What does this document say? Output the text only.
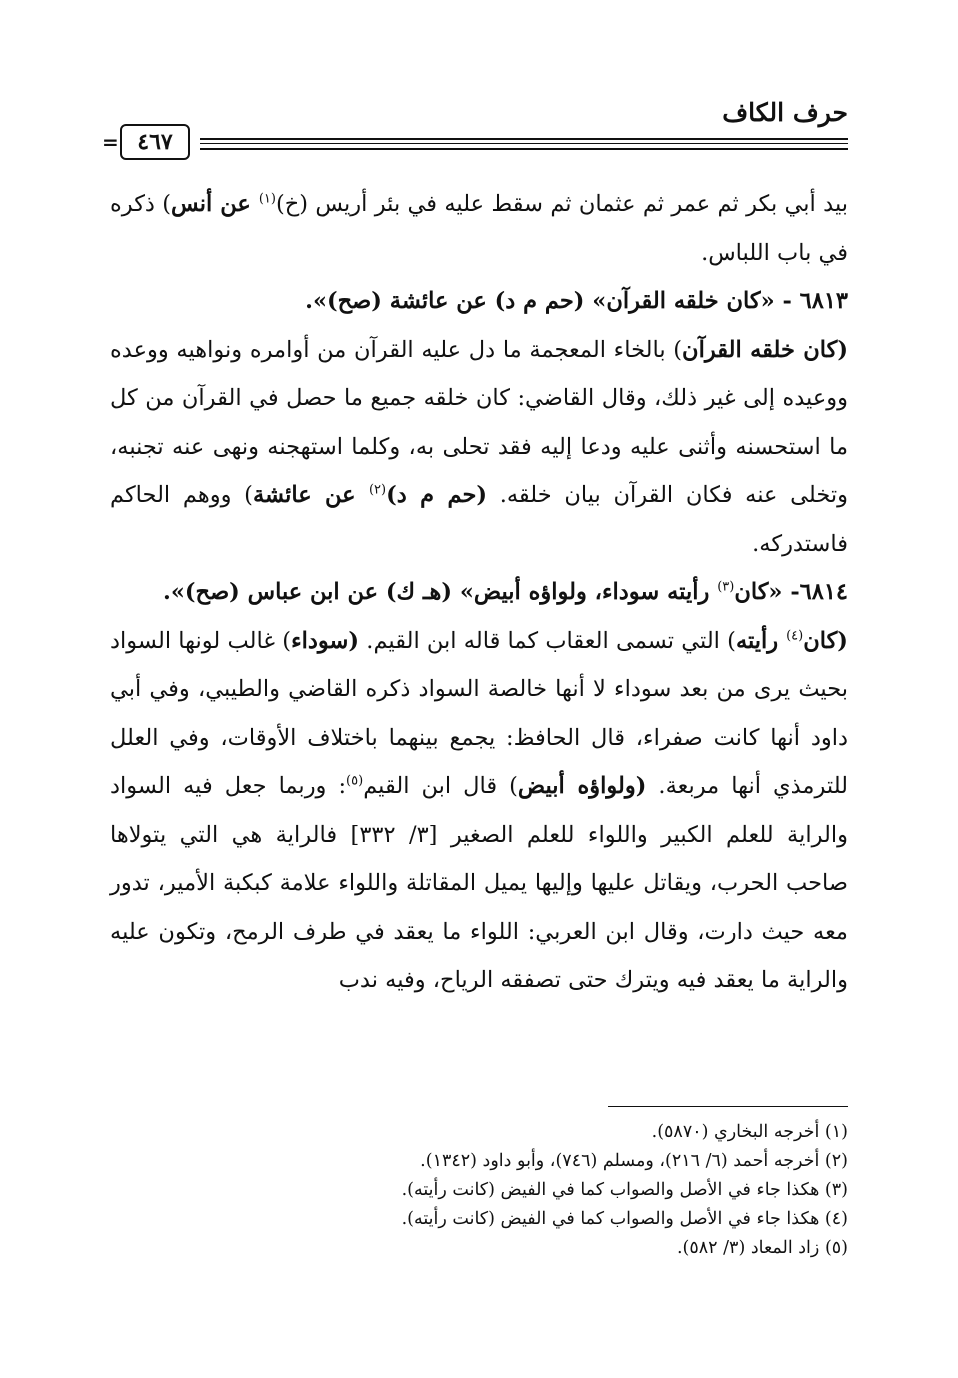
حرف الكاف
٤٦٧
=

بيد أبي بكر ثم عمر ثم عثمان ثم سقط عليه في بئر أريس (خ)$^{(١)}$ عن أنس) ذكره في باب اللباس.

٦٨١٣ - «كان خلقه القرآن» (حم م د) عن عائشة (صح)».

(كان خلقه القرآن) بالخاء المعجمة ما دل عليه القرآن من أوامره ونواهيه ووعده ووعيده إلى غير ذلك، وقال القاضي: كان خلقه جميع ما حصل في القرآن من كل ما استحسنه وأثنى عليه ودعا إليه فقد تحلى به، وكلما استهجنه ونهى عنه تجنبه، وتخلى عنه فكان القرآن بيان خلقه. (حم م د)$^{(٢)}$ عن عائشة) ووهم الحاكم فاستدركه.

٦٨١٤- «كان$^{(٣)}$ رأيته سوداء، ولواؤه أبيض» (هـ ك) عن ابن عباس (صح)».

(كان$^{(٤)}$ رأيته) التي تسمى العقاب كما قاله ابن القيم. (سوداء) غالب لونها السواد بحيث يرى من بعد سوداء لا أنها خالصة السواد ذكره القاضي والطيبي، وفي أبي داود أنها كانت صفراء، قال الحافظ: يجمع بينهما باختلاف الأوقات، وفي العلل للترمذي أنها مربعة. (ولواؤه أبيض) قال ابن القيم$^{(٥)}$: وربما جعل فيه السواد والراية للعلم الكبير واللواء للعلم الصغير [٣/ ٣٣٢] فالراية هي التي يتولاها صاحب الحرب، ويقاتل عليها وإليها يميل المقاتلة واللواء علامة كبكبة الأمير، تدور معه حيث دارت، وقال ابن العربي: اللواء ما يعقد في طرف الرمح، وتكون عليه والراية ما يعقد فيه ويترك حتى تصفقه الرياح، وفيه ندب

(١) أخرجه البخاري (٥٨٧٠).
(٢) أخرجه أحمد (٦/ ٢١٦)، ومسلم (٧٤٦)، وأبو داود (١٣٤٢).
(٣) هكذا جاء في الأصل والصواب كما في الفيض (كانت رأيته).
(٤) هكذا جاء في الأصل والصواب كما في الفيض (كانت رأيته).
(٥) زاد المعاد (٣/ ٥٨٢).
